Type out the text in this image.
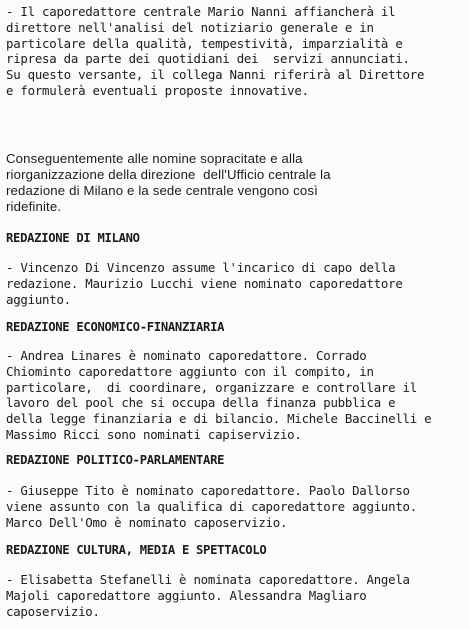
- Il caporedattore centrale Mario Nanni affiancherà il
direttore nell'analisi del notiziario generale e in
particolare della qualità, tempestività, imparzialità e
ripresa da parte dei quotidiani dei  servizi annunciati.
Su questo versante, il collega Nanni riferirà al Direttore
e formulerà eventuali proposte innovative.

Conseguentemente alle nomine sopracitate e alla
riorganizzazione della direzione  dell'Ufficio centrale la
redazione di Milano e la sede centrale vengono così
ridefinite.

REDAZIONE DI MILANO

- Vincenzo Di Vincenzo assume l'incarico di capo della
redazione. Maurizio Lucchi viene nominato caporedattore
aggiunto.

REDAZIONE ECONOMICO-FINANZIARIA

- Andrea Linares è nominato caporedattore. Corrado
Chiominto caporedattore aggiunto con il compito, in
particolare,  di coordinare, organizzare e controllare il
lavoro del pool che si occupa della finanza pubblica e
della legge finanziaria e di bilancio. Michele Baccinelli e
Massimo Ricci sono nominati capiservizio.

REDAZIONE POLITICO-PARLAMENTARE

- Giuseppe Tito è nominato caporedattore. Paolo Dallorso
viene assunto con la qualifica di caporedattore aggiunto.
Marco Dell'Omo è nominato caposervizio.

REDAZIONE CULTURA, MEDIA E SPETTACOLO

- Elisabetta Stefanelli è nominata caporedattore. Angela
Majoli caporedattore aggiunto. Alessandra Magliaro
caposervizio.
